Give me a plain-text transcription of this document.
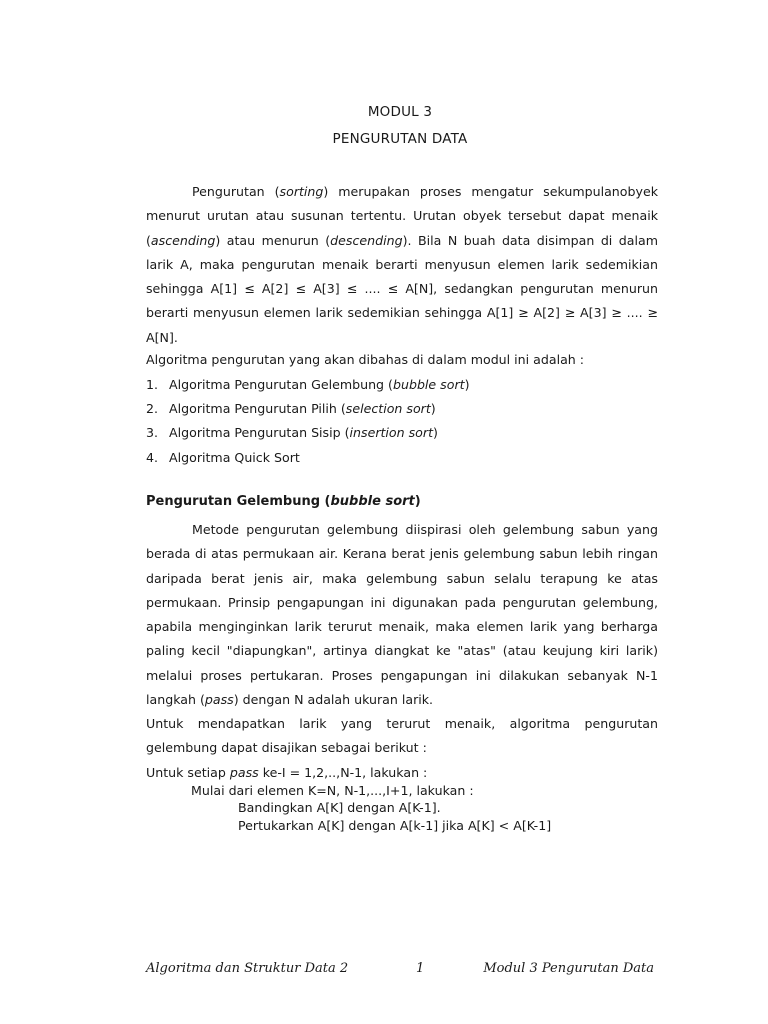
MODUL 3
PENGURUTAN DATA
Pengurutan (sorting) merupakan proses mengatur sekumpulanobyek menurut urutan atau susunan tertentu. Urutan obyek tersebut dapat menaik (ascending) atau menurun (descending). Bila N buah data disimpan di dalam larik A, maka pengurutan menaik berarti menyusun elemen larik sedemikian sehingga A[1] ≤ A[2] ≤ A[3] ≤ .... ≤ A[N], sedangkan pengurutan menurun berarti menyusun elemen larik sedemikian sehingga A[1] ≥ A[2] ≥ A[3] ≥ .... ≥ A[N].
Algoritma pengurutan yang akan dibahas di dalam modul ini adalah :
1. Algoritma Pengurutan Gelembung (bubble sort)
2. Algoritma Pengurutan Pilih (selection sort)
3. Algoritma Pengurutan Sisip (insertion sort)
4. Algoritma Quick Sort
Pengurutan Gelembung (bubble sort)
Metode pengurutan gelembung diispirasi oleh gelembung sabun yang berada di atas permukaan air. Kerana berat jenis gelembung sabun lebih ringan daripada berat jenis air, maka gelembung sabun selalu terapung ke atas permukaan. Prinsip pengapungan ini digunakan pada pengurutan gelembung, apabila menginginkan larik terurut menaik, maka elemen larik yang berharga paling kecil "diapungkan", artinya diangkat ke "atas" (atau keujung kiri larik) melalui proses pertukaran. Proses pengapungan ini dilakukan sebanyak N-1 langkah (pass) dengan N adalah ukuran larik.
Untuk mendapatkan larik yang terurut menaik, algoritma pengurutan gelembung dapat disajikan sebagai berikut :
Untuk setiap pass ke-I = 1,2,..,N-1, lakukan :
Mulai dari elemen K=N, N-1,...,I+1, lakukan :
Bandingkan A[K] dengan A[K-1].
Pertukarkan A[K] dengan A[k-1] jika A[K] < A[K-1]
Algoritma dan Struktur Data 2	1	Modul 3 Pengurutan Data
